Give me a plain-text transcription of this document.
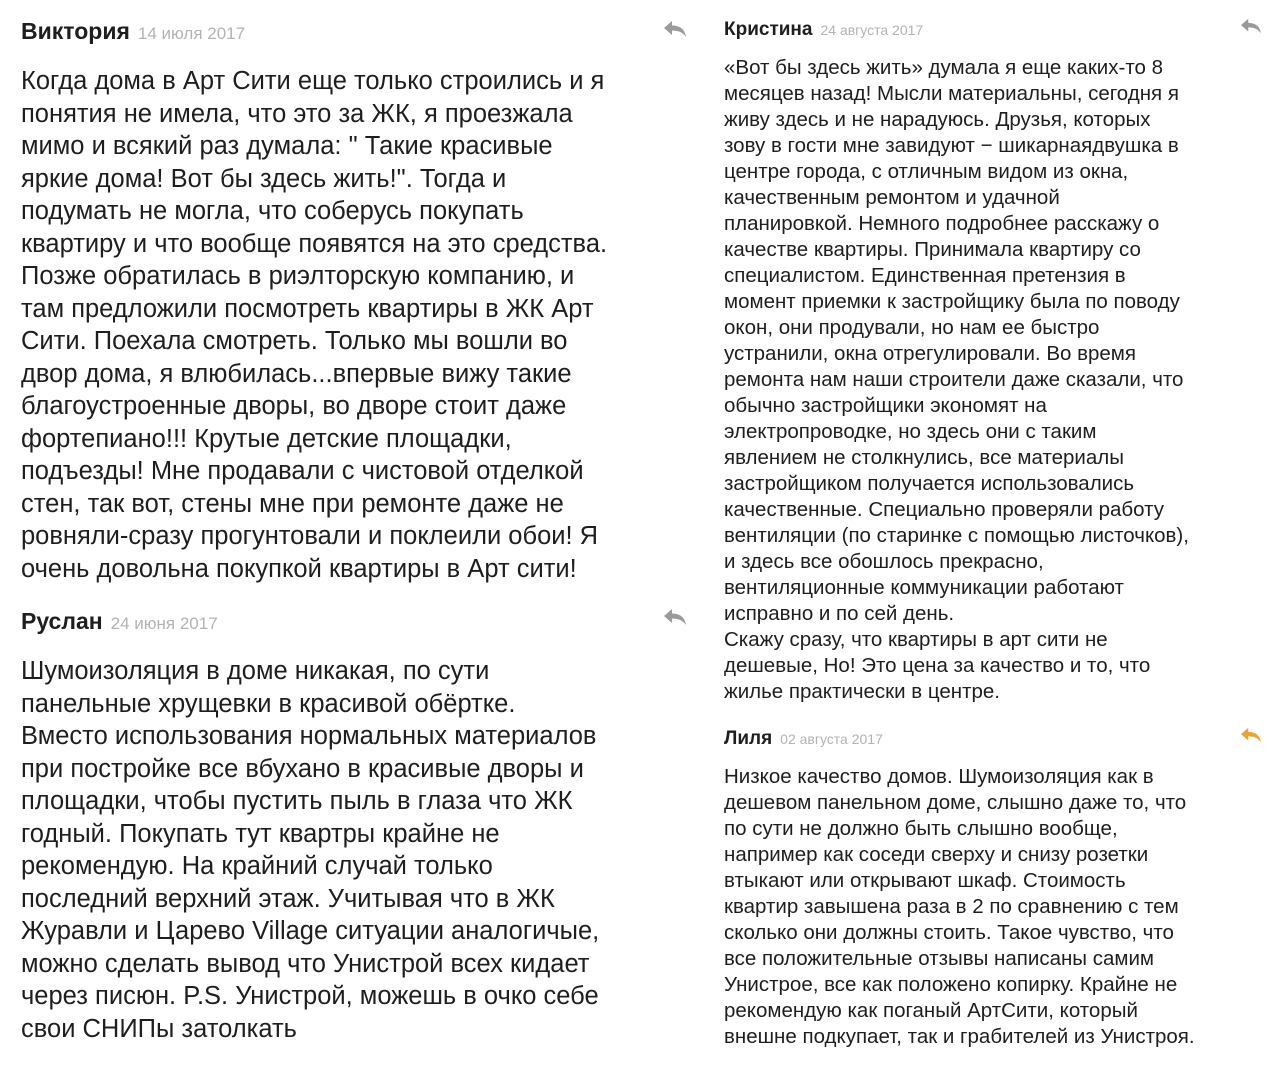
Виктория 14 июля 2017
Когда дома в Арт Сити еще только строились и я
понятия не имела, что это за ЖК, я проезжала
мимо и всякий раз думала: " Такие красивые
яркие дома! Вот бы здесь жить!". Тогда и
подумать не могла, что соберусь покупать
квартиру и что вообще появятся на это средства.
Позже обратилась в риэлторскую компанию, и
там предложили посмотреть квартиры в ЖК Арт
Сити. Поехала смотреть. Только мы вошли во
двор дома, я влюбилась...впервые вижу такие
благоустроенные дворы, во дворе стоит даже
фортепиано!!! Крутые детские площадки,
подъезды! Мне продавали с чистовой отделкой
стен, так вот, стены мне при ремонте даже не
ровняли-сразу прогунтовали и поклеили обои! Я
очень довольна покупкой квартиры в Арт сити!
Руслан 24 июня 2017
Шумоизоляция в доме никакая, по сути
панельные хрущевки в красивой обёртке.
Вместо использования нормальных материалов
при постройке все вбухано в красивые дворы и
площадки, чтобы пустить пыль в глаза что ЖК
годный. Покупать тут квартры крайне не
рекомендую. На крайний случай только
последний верхний этаж. Учитывая что в ЖК
Журавли и Царево Village ситуации аналогичые,
можно сделать вывод что Унистрой всех кидает
через писюн. P.S. Унистрой, можешь в очко себе
свои СНИПы затолкать
Кристина 24 августа 2017
«Вот бы здесь жить» думала я еще каких-то 8
месяцев назад! Мысли материальны, сегодня я
живу здесь и не нарадуюсь. Друзья, которых
зову в гости мне завидуют − шикарнаядвушка в
центре города, с отличным видом из окна,
качественным ремонтом и удачной
планировкой. Немного подробнее расскажу о
качестве квартиры. Принимала квартиру со
специалистом. Единственная претензия в
момент приемки к застройщику была по поводу
окон, они продували, но нам ее быстро
устранили, окна отрегулировали. Во время
ремонта нам наши строители даже сказали, что
обычно застройщики экономят на
электропроводке, но здесь они с таким
явлением не столкнулись, все материалы
застройщиком получается использовались
качественные. Специально проверяли работу
вентиляции (по старинке с помощью листочков),
и здесь все обошлось прекрасно,
вентиляционные коммуникации работают
исправно и по сей день.
Скажу сразу, что квартиры в арт сити не
дешевые, Но! Это цена за качество и то, что
жилье практически в центре.
Лиля 02 августа 2017
Низкое качество домов. Шумоизоляция как в
дешевом панельном доме, слышно даже то, что
по сути не должно быть слышно вообще,
например как соседи сверху и снизу розетки
втыкают или открывают шкаф. Стоимость
квартир завышена раза в 2 по сравнению с тем
сколько они должны стоить. Такое чувство, что
все положительные отзывы написаны самим
Унистрое, все как положено копирку. Крайне не
рекомендую как поганый АртСити, который
внешне подкупает, так и грабителей из Унистроя.
